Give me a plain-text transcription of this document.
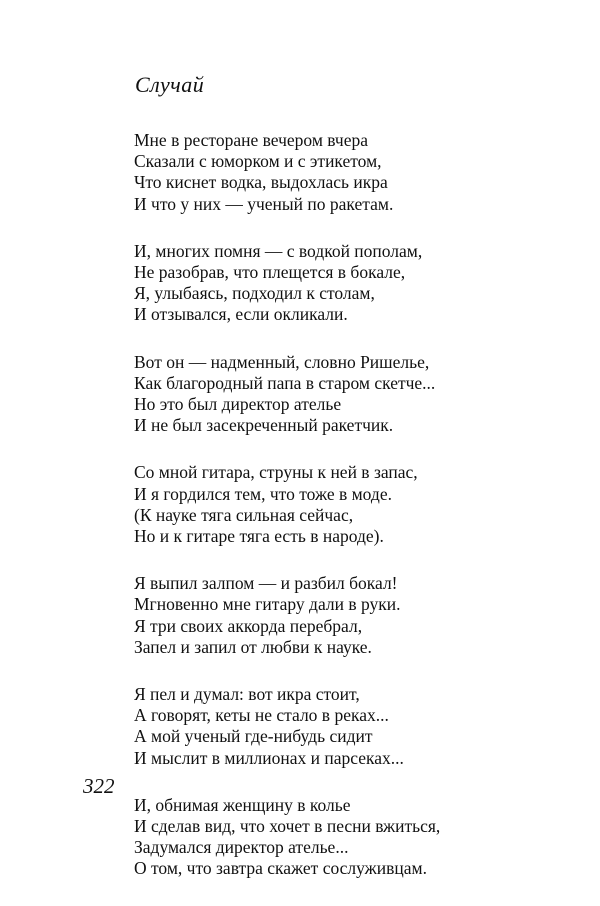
Случай
Мне в ресторане вечером вчера
Сказали с юморком и с этикетом,
Что киснет водка, выдохлась икра
И что у них — ученый по ракетам.
И, многих помня — с водкой пополам,
Не разобрав, что плещется в бокале,
Я, улыбаясь, подходил к столам,
И отзывался, если окликали.
Вот он — надменный, словно Ришелье,
Как благородный папа в старом скетче...
Но это был директор ателье
И не был засекреченный ракетчик.
Со мной гитара, струны к ней в запас,
И я гордился тем, что тоже в моде.
(К науке тяга сильная сейчас,
Но и к гитаре тяга есть в народе).
Я выпил залпом — и разбил бокал!
Мгновенно мне гитару дали в руки.
Я три своих аккорда перебрал,
Запел и запил от любви к науке.
Я пел и думал: вот икра стоит,
А говорят, кеты не стало в реках...
А мой ученый где-нибудь сидит
И мыслит в миллионах и парсеках...
И, обнимая женщину в колье
И сделав вид, что хочет в песни вжиться,
Задумался директор ателье...
О том, что завтра скажет сослуживцам.
322
